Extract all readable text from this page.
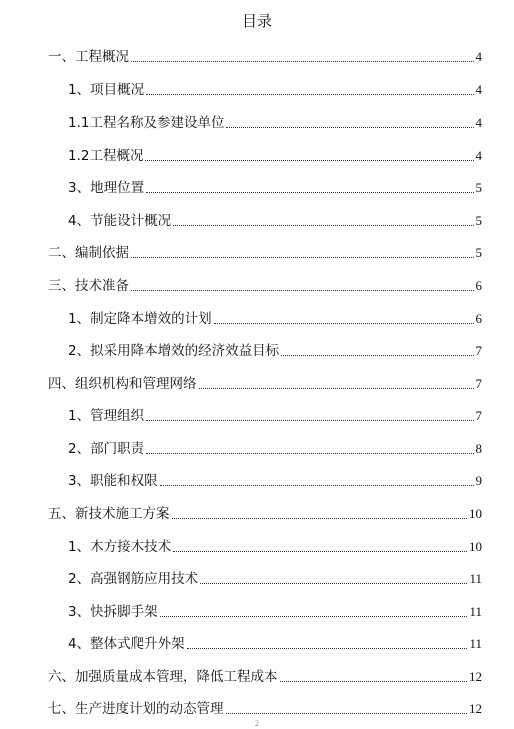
目录
一、工程概况	4
1、项目概况	4
1.1工程名称及参建设单位	4
1.2工程概况	4
3、地理位置	5
4、节能设计概况	5
二、编制依据	5
三、技术准备	6
1、制定降本增效的计划	6
2、拟采用降本增效的经济效益目标	7
四、组织机构和管理网络	7
1、管理组织	7
2、部门职责	8
3、职能和权限	9
五、新技术施工方案	10
1、木方接木技术	10
2、高强钢筋应用技术	11
3、快拆脚手架	11
4、整体式爬升外架	11
六、加强质量成本管理，降低工程成本	12
七、生产进度计划的动态管理	12
2
